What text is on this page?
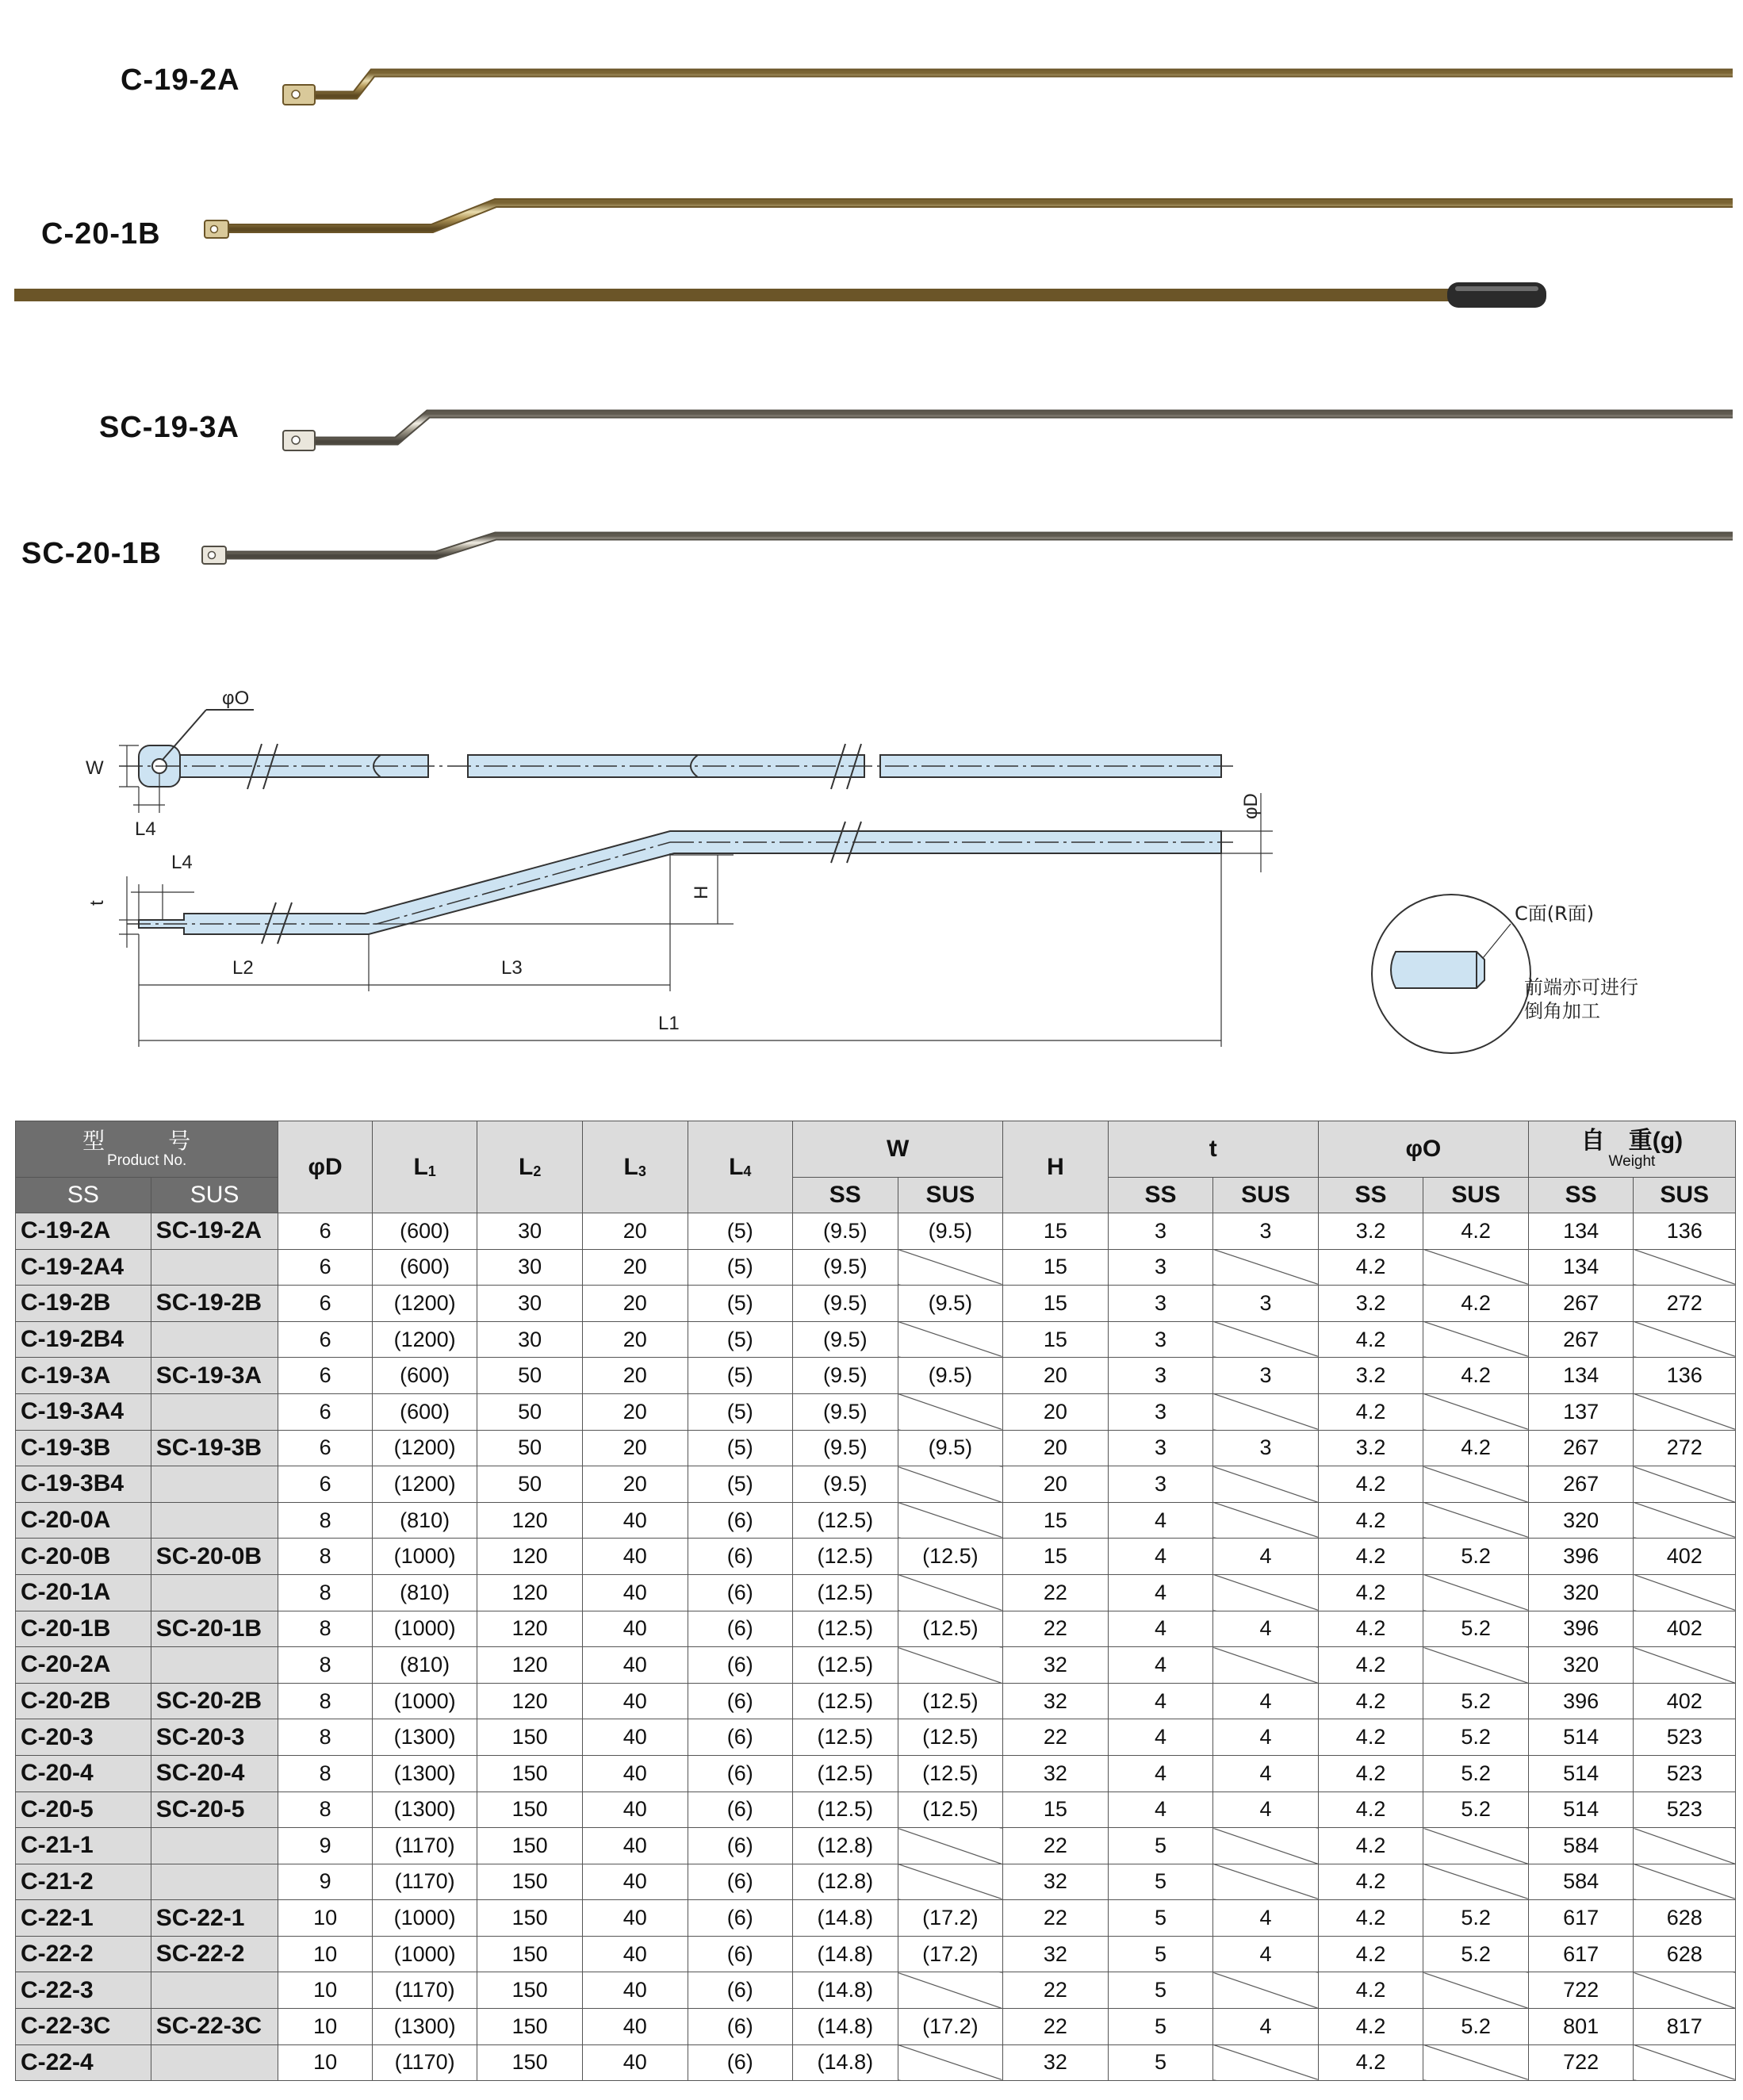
C-19-2A
C-20-1B
SC-19-3A
SC-20-1B
φO
W
L4
L4
t
L2	L3
L1
H
φD
C面(R面)
前端亦可进行
倒角加工
型　号
Product No.		φD	$L_1$	$L_2$	$L_3$	$L_4$	W		H	t		φO		自　重(g)
Weight	

SS	SUS						SS	SUS		SS	SUS	SS	SUS	SS	SUS
C-19-2A	SC-19-2A	6	(600)	30	20	(5)	(9.5)	(9.5)	15	3	3	3.2	4.2	134	136
C-19-2A4		6	(600)	30	20	(5)	(9.5)		15	3		4.2		134	
C-19-2B	SC-19-2B	6	(1200)	30	20	(5)	(9.5)	(9.5)	15	3	3	3.2	4.2	267	272
C-19-2B4		6	(1200)	30	20	(5)	(9.5)		15	3		4.2		267	
C-19-3A	SC-19-3A	6	(600)	50	20	(5)	(9.5)	(9.5)	20	3	3	3.2	4.2	134	136
C-19-3A4		6	(600)	50	20	(5)	(9.5)		20	3		4.2		137	
C-19-3B	SC-19-3B	6	(1200)	50	20	(5)	(9.5)	(9.5)	20	3	3	3.2	4.2	267	272
C-19-3B4		6	(1200)	50	20	(5)	(9.5)		20	3		4.2		267	
C-20-0A		8	(810)	120	40	(6)	(12.5)		15	4		4.2		320	
C-20-0B	SC-20-0B	8	(1000)	120	40	(6)	(12.5)	(12.5)	15	4	4	4.2	5.2	396	402
C-20-1A		8	(810)	120	40	(6)	(12.5)		22	4		4.2		320	
C-20-1B	SC-20-1B	8	(1000)	120	40	(6)	(12.5)	(12.5)	22	4	4	4.2	5.2	396	402
C-20-2A		8	(810)	120	40	(6)	(12.5)		32	4		4.2		320	
C-20-2B	SC-20-2B	8	(1000)	120	40	(6)	(12.5)	(12.5)	32	4	4	4.2	5.2	396	402
C-20-3	SC-20-3	8	(1300)	150	40	(6)	(12.5)	(12.5)	22	4	4	4.2	5.2	514	523
C-20-4	SC-20-4	8	(1300)	150	40	(6)	(12.5)	(12.5)	32	4	4	4.2	5.2	514	523
C-20-5	SC-20-5	8	(1300)	150	40	(6)	(12.5)	(12.5)	15	4	4	4.2	5.2	514	523
C-21-1		9	(1170)	150	40	(6)	(12.8)		22	5		4.2		584	
C-21-2		9	(1170)	150	40	(6)	(12.8)		32	5		4.2		584	
C-22-1	SC-22-1	10	(1000)	150	40	(6)	(14.8)	(17.2)	22	5	4	4.2	5.2	617	628
C-22-2	SC-22-2	10	(1000)	150	40	(6)	(14.8)	(17.2)	32	5	4	4.2	5.2	617	628
C-22-3		10	(1170)	150	40	(6)	(14.8)		22	5		4.2		722	
C-22-3C	SC-22-3C	10	(1300)	150	40	(6)	(14.8)	(17.2)	22	5	4	4.2	5.2	801	817
C-22-4		10	(1170)	150	40	(6)	(14.8)		32	5		4.2		722	
